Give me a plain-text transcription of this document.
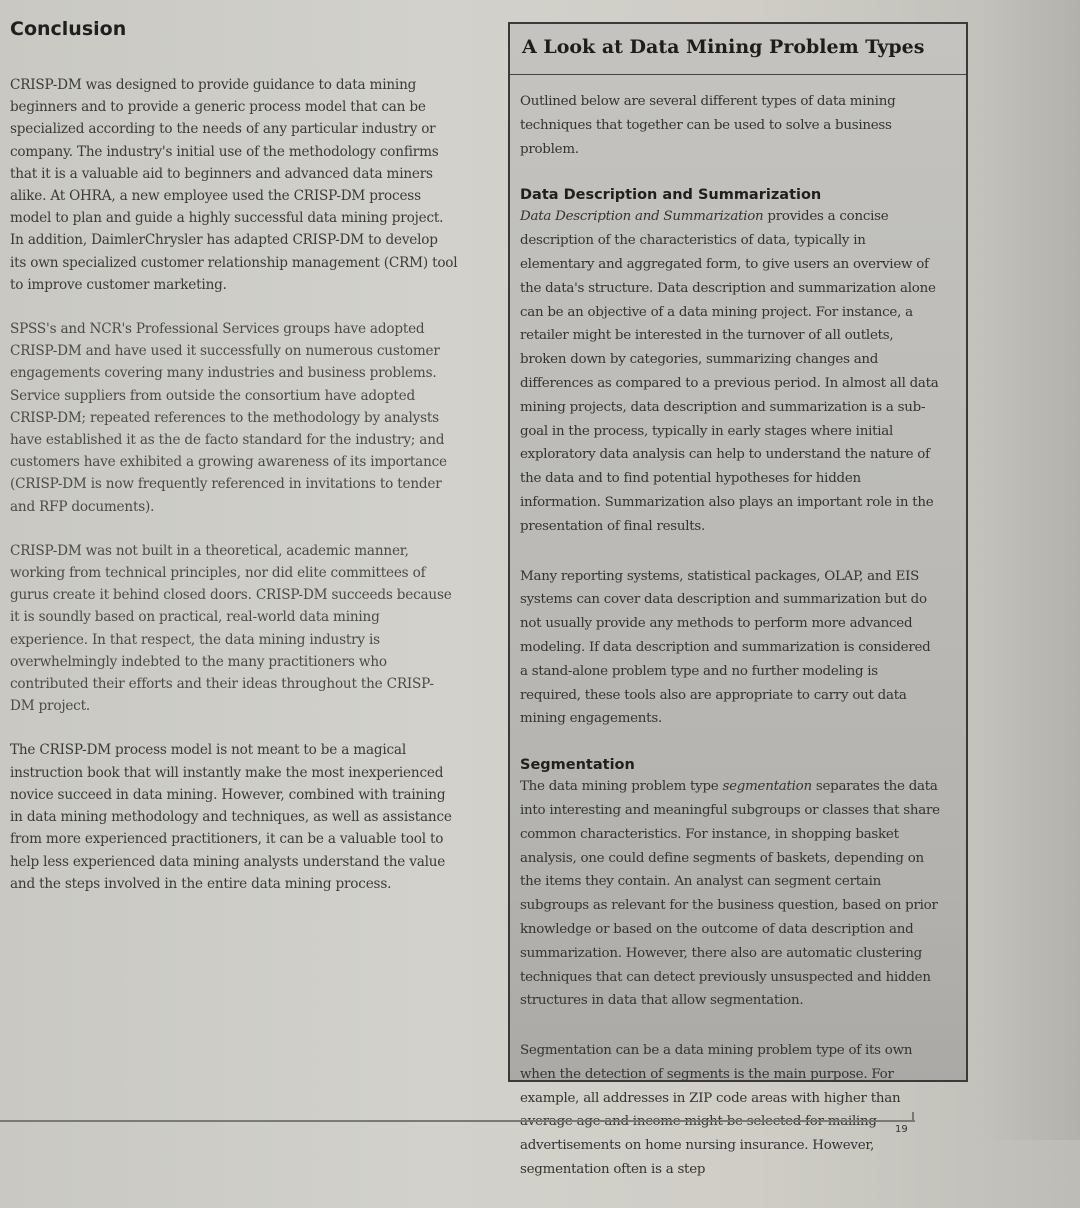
Conclusion

CRISP-DM was designed to provide guidance to data mining beginners and to provide a generic process model that can be specialized according to the needs of any particular industry or company. The industry's initial use of the methodology confirms that it is a valuable aid to beginners and advanced data miners alike. At OHRA, a new employee used the CRISP-DM process model to plan and guide a highly successful data mining project. In addition, DaimlerChrysler has adapted CRISP-DM to develop its own specialized customer relationship management (CRM) tool to improve customer marketing.

SPSS's and NCR's Professional Services groups have adopted CRISP-DM and have used it successfully on numerous customer engagements covering many industries and business problems. Service suppliers from outside the consortium have adopted CRISP-DM; repeated references to the methodology by analysts have established it as the de facto standard for the industry; and customers have exhibited a growing awareness of its importance (CRISP-DM is now frequently referenced in invitations to tender and RFP documents).

CRISP-DM was not built in a theoretical, academic manner, working from technical principles, nor did elite committees of gurus create it behind closed doors. CRISP-DM succeeds because it is soundly based on practical, real-world data mining experience. In that respect, the data mining industry is overwhelmingly indebted to the many practitioners who contributed their efforts and their ideas throughout the CRISP-DM project.

The CRISP-DM process model is not meant to be a magical instruction book that will instantly make the most inexperienced novice succeed in data mining. However, combined with training in data mining methodology and techniques, as well as assistance from more experienced practitioners, it can be a valuable tool to help less experienced data mining analysts understand the value and the steps involved in the entire data mining process.

A Look at Data Mining Problem Types

Outlined below are several different types of data mining techniques that together can be used to solve a business problem.

Data Description and Summarization

Data Description and Summarization provides a concise description of the characteristics of data, typically in elementary and aggregated form, to give users an overview of the data's structure. Data description and summarization alone can be an objective of a data mining project. For instance, a retailer might be interested in the turnover of all outlets, broken down by categories, summarizing changes and differences as compared to a previous period. In almost all data mining projects, data description and summarization is a sub-goal in the process, typically in early stages where initial exploratory data analysis can help to understand the nature of the data and to find potential hypotheses for hidden information. Summarization also plays an important role in the presentation of final results.

Many reporting systems, statistical packages, OLAP, and EIS systems can cover data description and summarization but do not usually provide any methods to perform more advanced modeling. If data description and summarization is considered a stand-alone problem type and no further modeling is required, these tools also are appropriate to carry out data mining engagements.

Segmentation

The data mining problem type segmentation separates the data into interesting and meaningful subgroups or classes that share common characteristics. For instance, in shopping basket analysis, one could define segments of baskets, depending on the items they contain. An analyst can segment certain subgroups as relevant for the business question, based on prior knowledge or based on the outcome of data description and summarization. However, there also are automatic clustering techniques that can detect previously unsuspected and hidden structures in data that allow segmentation.

Segmentation can be a data mining problem type of its own when the detection of segments is the main purpose. For example, all addresses in ZIP code areas with higher than advertisements on home nursing insurance. However, segmentation often is a step

19
